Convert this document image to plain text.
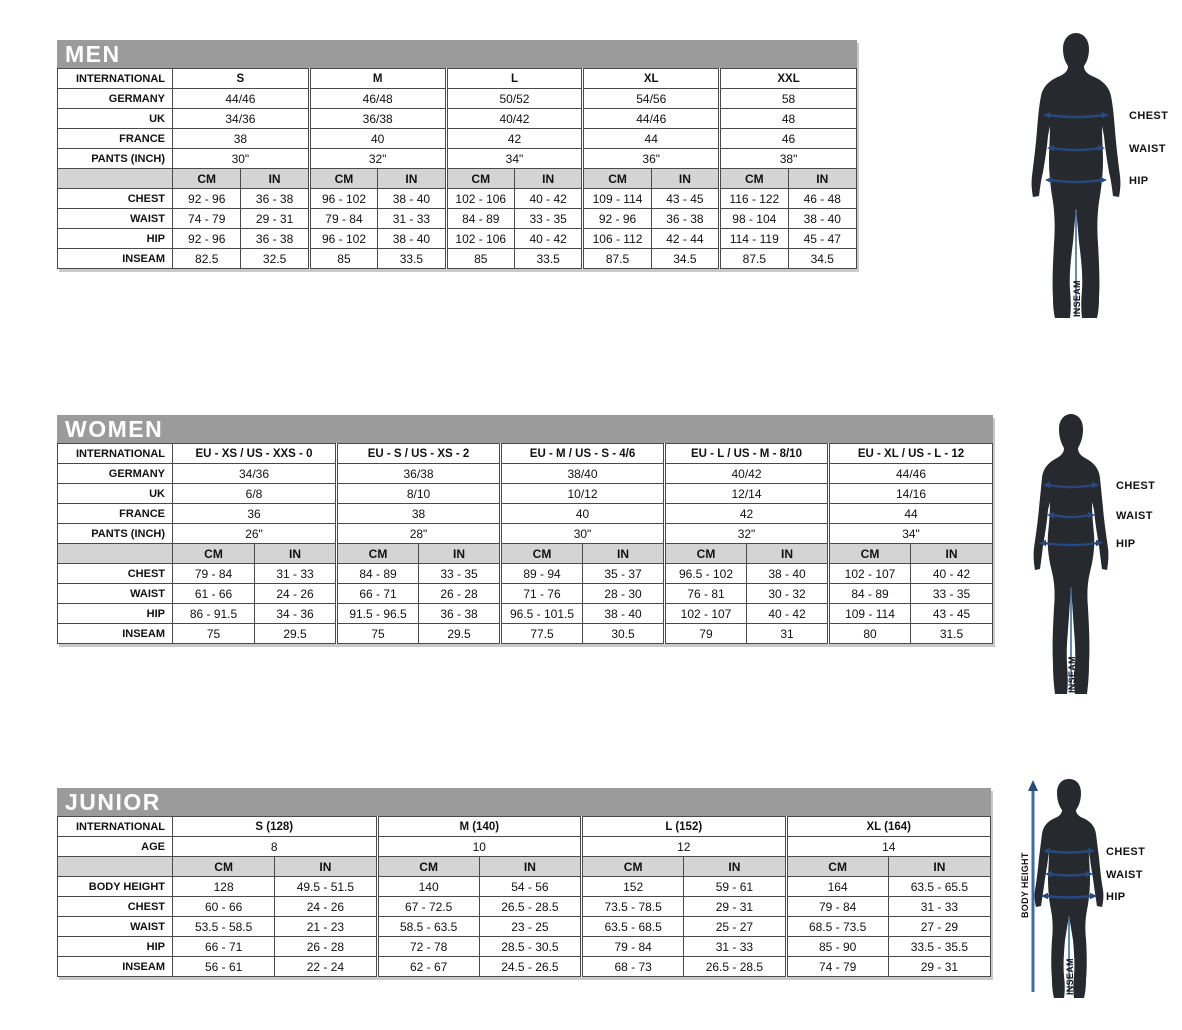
MEN
INTERNATIONAL	S		M		L		XL		XXL	
GERMANY	44/46		46/48		50/52		54/56		58	
UK	34/36		36/38		40/42		44/46		48	
FRANCE	38		40		42		44		46	
PANTS (INCH)	30"		32"		34"		36"		38"	
	CM	IN	CM	IN	CM	IN	CM	IN	CM	IN
CHEST	92 - 96	36 - 38	96 - 102	38 - 40	102 - 106	40 - 42	109 - 114	43 - 45	116 - 122	46 - 48
WAIST	74 - 79	29 - 31	79 - 84	31 - 33	84 - 89	33 - 35	92 - 96	36 - 38	98 - 104	38 - 40
HIP	92 - 96	36 - 38	96 - 102	38 - 40	102 - 106	40 - 42	106 - 112	42 - 44	114 - 119	45 - 47
INSEAM	82.5	32.5	85	33.5	85	33.5	87.5	34.5	87.5	34.5
WOMEN
INTERNATIONAL	EU - XS / US - XXS - 0		EU - S / US - XS - 2		EU - M / US - S - 4/6		EU - L / US - M - 8/10		EU - XL / US - L - 12	
GERMANY	34/36		36/38		38/40		40/42		44/46	
UK	6/8		8/10		10/12		12/14		14/16	
FRANCE	36		38		40		42		44	
PANTS (INCH)	26"		28"		30"		32"		34"	
	CM	IN	CM	IN	CM	IN	CM	IN	CM	IN
CHEST	79 - 84	31 - 33	84 - 89	33 - 35	89 - 94	35 - 37	96.5 - 102	38 - 40	102 - 107	40 - 42
WAIST	61 - 66	24 - 26	66 - 71	26 - 28	71 - 76	28 - 30	76 - 81	30 - 32	84 - 89	33 - 35
HIP	86 - 91.5	34 - 36	91.5 - 96.5	36 - 38	96.5 - 101.5	38 - 40	102 - 107	40 - 42	109 - 114	43 - 45
INSEAM	75	29.5	75	29.5	77.5	30.5	79	31	80	31.5
JUNIOR
INTERNATIONAL	S (128)		M (140)		L (152)		XL (164)	
AGE	8		10		12		14	
	CM	IN	CM	IN	CM	IN	CM	IN
BODY HEIGHT	128	49.5 - 51.5	140	54 - 56	152	59 - 61	164	63.5 - 65.5
CHEST	60 - 66	24 - 26	67 - 72.5	26.5 - 28.5	73.5 - 78.5	29 - 31	79 - 84	31 - 33
WAIST	53.5 - 58.5	21 - 23	58.5 - 63.5	23 - 25	63.5 - 68.5	25 - 27	68.5 - 73.5	27 - 29
HIP	66 - 71	26 - 28	72 - 78	28.5 - 30.5	79 - 84	31 - 33	85 - 90	33.5 - 35.5
INSEAM	56 - 61	22 - 24	62 - 67	24.5 - 26.5	68 - 73	26.5 - 28.5	74 - 79	29 - 31
CHEST
WAIST
HIP
INSEAM
CHEST
WAIST
HIP
INSEAM
CHEST
WAIST
HIP
INSEAM
BODY HEIGHT
